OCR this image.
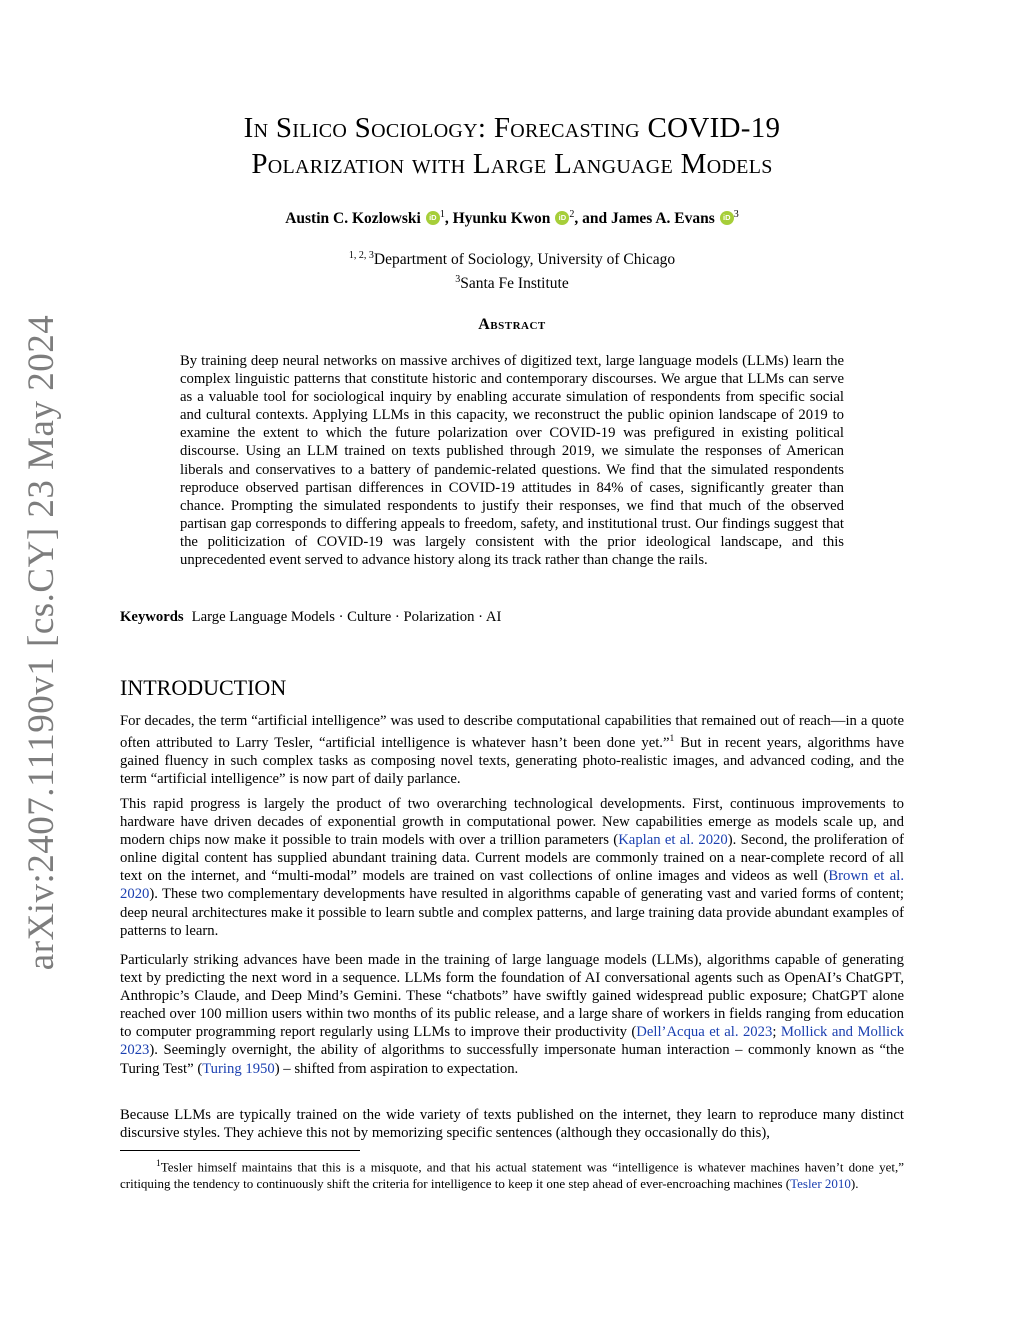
arXiv:2407.11190v1 [cs.CY] 23 May 2024
In Silico Sociology: Forecasting COVID-19
Polarization with Large Language Models
Austin C. Kozlowski iD $^1$, Hyunku Kwon iD $^2$, and James A. Evans iD $^3$
$^{1, 2, 3}$Department of Sociology, University of Chicago
$^3$Santa Fe Institute
Abstract

By training deep neural networks on massive archives of digitized text, large language models (LLMs) learn the complex linguistic patterns that constitute historic and contemporary discourses. We argue that LLMs can serve as a valuable tool for sociological inquiry by enabling accurate simulation of respondents from specific social and cultural contexts. Applying LLMs in this capacity, we reconstruct the public opinion landscape of 2019 to examine the extent to which the future polarization over COVID-19 was prefigured in existing political discourse. Using an LLM trained on texts published through 2019, we simulate the responses of American liberals and conservatives to a battery of pandemic-related questions. We find that the simulated respondents reproduce observed partisan differences in COVID-19 attitudes in 84% of cases, significantly greater than chance. Prompting the simulated respondents to justify their responses, we find that much of the observed partisan gap corresponds to differing appeals to freedom, safety, and institutional trust. Our findings suggest that the politicization of COVID-19 was largely consistent with the prior ideological landscape, and this unprecedented event served to advance history along its track rather than change the rails.

Keywords Large Language Models · Culture · Polarization · AI
INTRODUCTION

For decades, the term “artificial intelligence” was used to describe computational capabilities that remained out of reach—in a quote often attributed to Larry Tesler, “artificial intelligence is whatever hasn’t been done yet.”$^1$ But in recent years, algorithms have gained fluency in such complex tasks as composing novel texts, generating photo-realistic images, and advanced coding, and the term “artificial intelligence” is now part of daily parlance.

This rapid progress is largely the product of two overarching technological developments. First, continuous improvements to hardware have driven decades of exponential growth in computational power. New capabilities emerge as models scale up, and modern chips now make it possible to train models with over a trillion parameters (Kaplan et al. 2020). Second, the proliferation of online digital content has supplied abundant training data. Current models are commonly trained on a near-complete record of all text on the internet, and “multi-modal” models are trained on vast collections of online images and videos as well (Brown et al. 2020). These two complementary developments have resulted in algorithms capable of generating vast and varied forms of content; deep neural architectures make it possible to learn subtle and complex patterns, and large training data provide abundant examples of patterns to learn.

Particularly striking advances have been made in the training of large language models (LLMs), algorithms capable of generating text by predicting the next word in a sequence. LLMs form the foundation of AI conversational agents such as OpenAI’s ChatGPT, Anthropic’s Claude, and Deep Mind’s Gemini. These “chatbots” have swiftly gained widespread public exposure; ChatGPT alone reached over 100 million users within two months of its public release, and a large share of workers in fields ranging from education to computer programming report regularly using LLMs to improve their productivity (Dell’Acqua et al. 2023; Mollick and Mollick 2023). Seemingly overnight, the ability of algorithms to successfully impersonate human interaction – commonly known as “the Turing Test” (Turing 1950) – shifted from aspiration to expectation.

Because LLMs are typically trained on the wide variety of texts published on the internet, they learn to reproduce many distinct discursive styles. They achieve this not by memorizing specific sentences (although they occasionally do this),

$^1$Tesler himself maintains that this is a misquote, and that his actual statement was “intelligence is whatever machines haven’t done yet,” critiquing the tendency to continuously shift the criteria for intelligence to keep it one step ahead of ever-encroaching machines (Tesler 2010).
